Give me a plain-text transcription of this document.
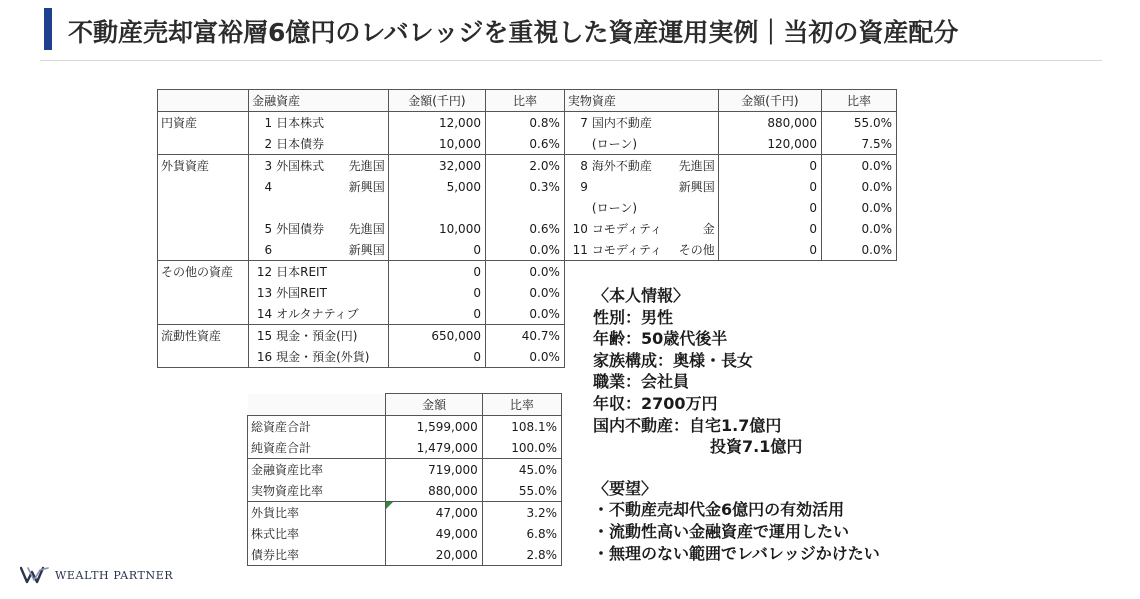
不動産売却富裕層6億円のレバレッジを重視した資産運用実例｜当初の資産配分
	金融資産	金額(千円)	比率	実物資産	金額(千円)	比率
円資産	1 日本株式	12,000	0.8%	7 国内不動産	880,000	55.0%

	2 日本債券	10,000	0.6%	(ローン)	120,000	7.5%
外貨資産	3 外国株式 先進国	32,000	2.0%	8 海外不動産 先進国	0	0.0%

	4 新興国	5,000	0.3%	9 新興国	0	0.0%

				(ローン)	0	0.0%

	5 外国債券 先進国	10,000	0.6%	10 コモディティ 金	0	0.0%

	6 新興国	0	0.0%	11 コモディティ その他	0	0.0%
その他の資産	12 日本REIT	0	0.0%			

	13 外国REIT	0	0.0%			

	14 オルタナティブ	0	0.0%			
流動性資産	15 現金・預金(円)	650,000	40.7%			

	16 現金・預金(外貨)	0	0.0%			
	金額	比率
総資産合計	1,599,000	108.1%
純資産合計	1,479,000	100.0%
金融資産比率	719,000	45.0%
実物資産比率	880,000	55.0%
外貨比率	47,000	3.2%
株式比率	49,000	6.8%
債券比率	20,000	2.8%
〈本人情報〉
性別：男性
年齢：50歳代後半
家族構成：奥様・長女
職業：会社員
年収：2700万円
国内不動産：自宅1.7億円
投資7.1億円
〈要望〉
・不動産売却代金6億円の有効活用
・流動性高い金融資産で運用したい
・無理のない範囲でレバレッジかけたい
WEALTH PARTNER
